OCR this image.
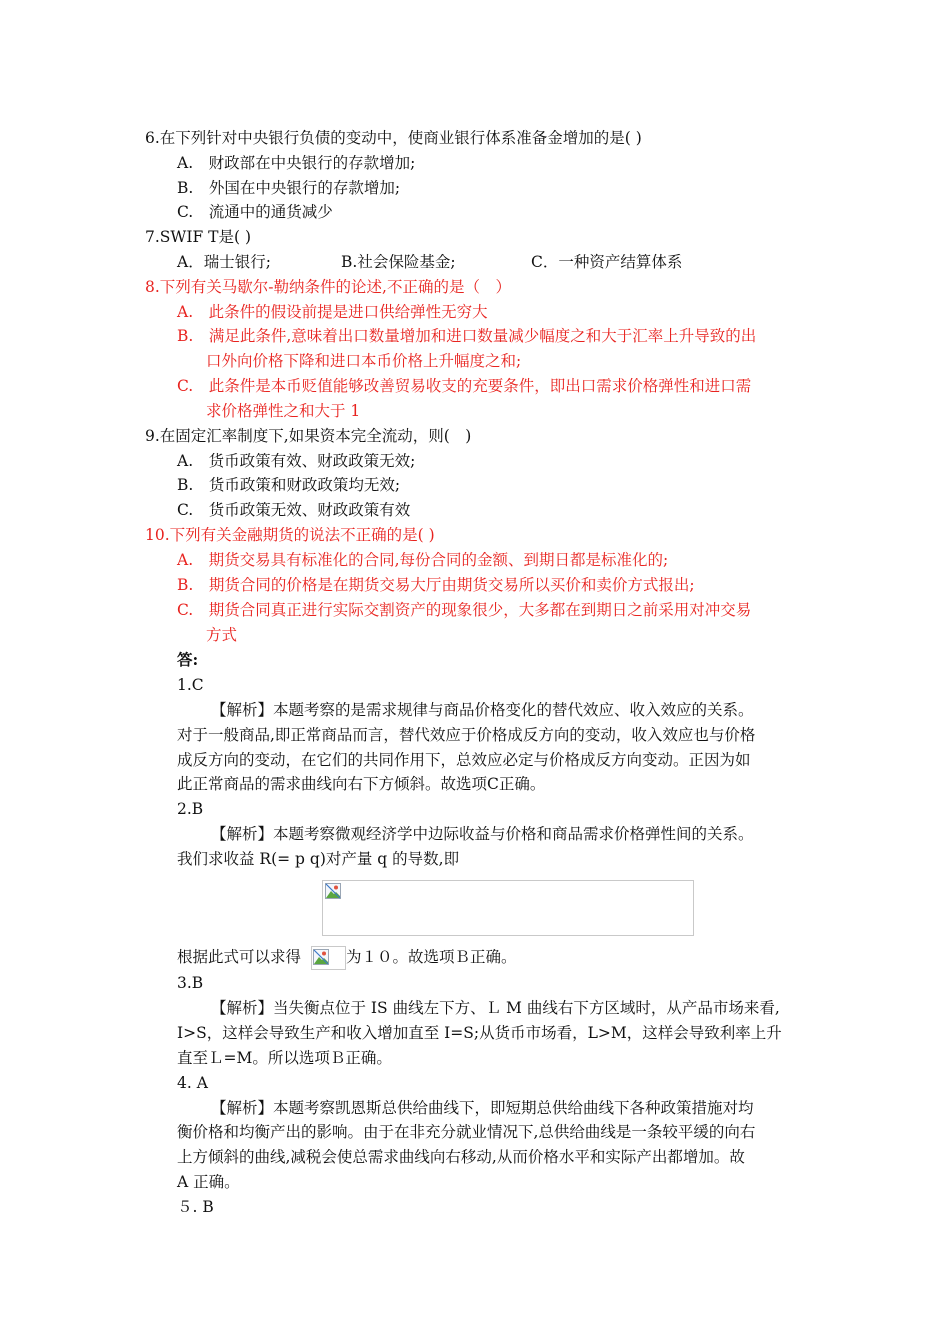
6.在下列针对中央银行负债的变动中，使商业银行体系准备金增加的是( )
A.　财政部在中央银行的存款增加;
B.　外国在中央银行的存款增加;
C.　流通中的通货减少
7.SWIF T是( )
A．瑞士银行;	B.社会保险基金;	C．一种资产结算体系
8.下列有关马歇尔-勒纳条件的论述,不正确的是（　）
A.　此条件的假设前提是进口供给弹性无穷大
B.　满足此条件,意味着出口数量增加和进口数量减少幅度之和大于汇率上升导致的出
口外向价格下降和进口本币价格上升幅度之和;
C.　此条件是本币贬值能够改善贸易收支的充要条件，即出口需求价格弹性和进口需
求价格弹性之和大于 1
9.在固定汇率制度下,如果资本完全流动，则(　)
A.　货币政策有效、财政政策无效;
B.　货币政策和财政政策均无效;
C.　货币政策无效、财政政策有效
10.下列有关金融期货的说法不正确的是( )
A.　期货交易具有标准化的合同,每份合同的金额、到期日都是标准化的;
B.　期货合同的价格是在期货交易大厅由期货交易所以买价和卖价方式报出;
C.　期货合同真正进行实际交割资产的现象很少，大多都在到期日之前采用对冲交易
方式
答:
1.C
【解析】本题考察的是需求规律与商品价格变化的替代效应、收入效应的关系。
对于一般商品,即正常商品而言，替代效应于价格成反方向的变动，收入效应也与价格
成反方向的变动，在它们的共同作用下，总效应必定与价格成反方向变动。正因为如
此正常商品的需求曲线向右下方倾斜。故选项C正确。
2.B
【解析】本题考察微观经济学中边际收益与价格和商品需求价格弹性间的关系。
我们求收益 R(= p q)对产量 q 的导数,即
根据此式可以求得	为１０。故选项Ｂ正确。
3.B
【解析】当失衡点位于 IS 曲线左下方、Ｌ M 曲线右下方区域时，从产品市场来看,
I>S，这样会导致生产和收入增加直至 I=S;从货币市场看，L>M，这样会导致利率上升
直至Ｌ=M。所以选项Ｂ正确。
4. A
【解析】本题考察凯恩斯总供给曲线下，即短期总供给曲线下各种政策措施对均
衡价格和均衡产出的影响。由于在非充分就业情况下,总供给曲线是一条较平缓的向右
上方倾斜的曲线,减税会使总需求曲线向右移动,从而价格水平和实际产出都增加。故
A 正确。
５. B
